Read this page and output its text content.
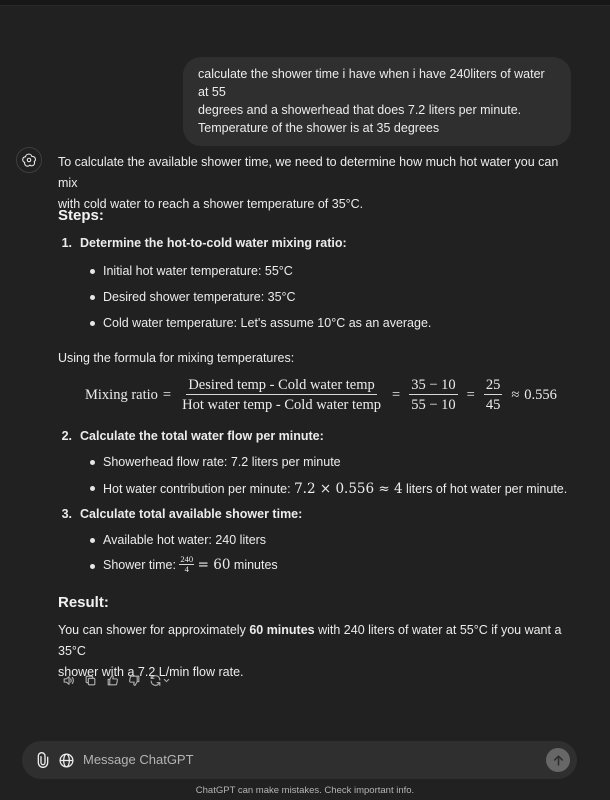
calculate the shower time i have when i have 240liters of water at 55
degrees and a showerhead that does 7.2 liters per minute.
Temperature of the shower is at 35 degrees
To calculate the available shower time, we need to determine how much hot water you can mix
with cold water to reach a shower temperature of 35°C.
Steps:
1. Determine the hot-to-cold water mixing ratio:
Initial hot water temperature: 55°C
Desired shower temperature: 35°C
Cold water temperature: Let's assume 10°C as an average.
Using the formula for mixing temperatures:
2. Calculate the total water flow per minute:
Showerhead flow rate: 7.2 liters per minute
Hot water contribution per minute: 7.2 × 0.556 ≈ 4 liters of hot water per minute.
3. Calculate total available shower time:
Available hot water: 240 liters
Shower time: $\frac{240}{4} = 60$ minutes
Result:
You can shower for approximately 60 minutes with 240 liters of water at 55°C if you want a 35°C
shower with a 7.2 L/min flow rate.
Mixing ratio = $\frac{\text{Desired temp - Cold water temp}}{\text{Hot water temp - Cold water temp}} = \frac{35 - 10}{55 - 10} = \frac{25}{45} \approx 0.556$
Message ChatGPT
ChatGPT can make mistakes. Check important info.
